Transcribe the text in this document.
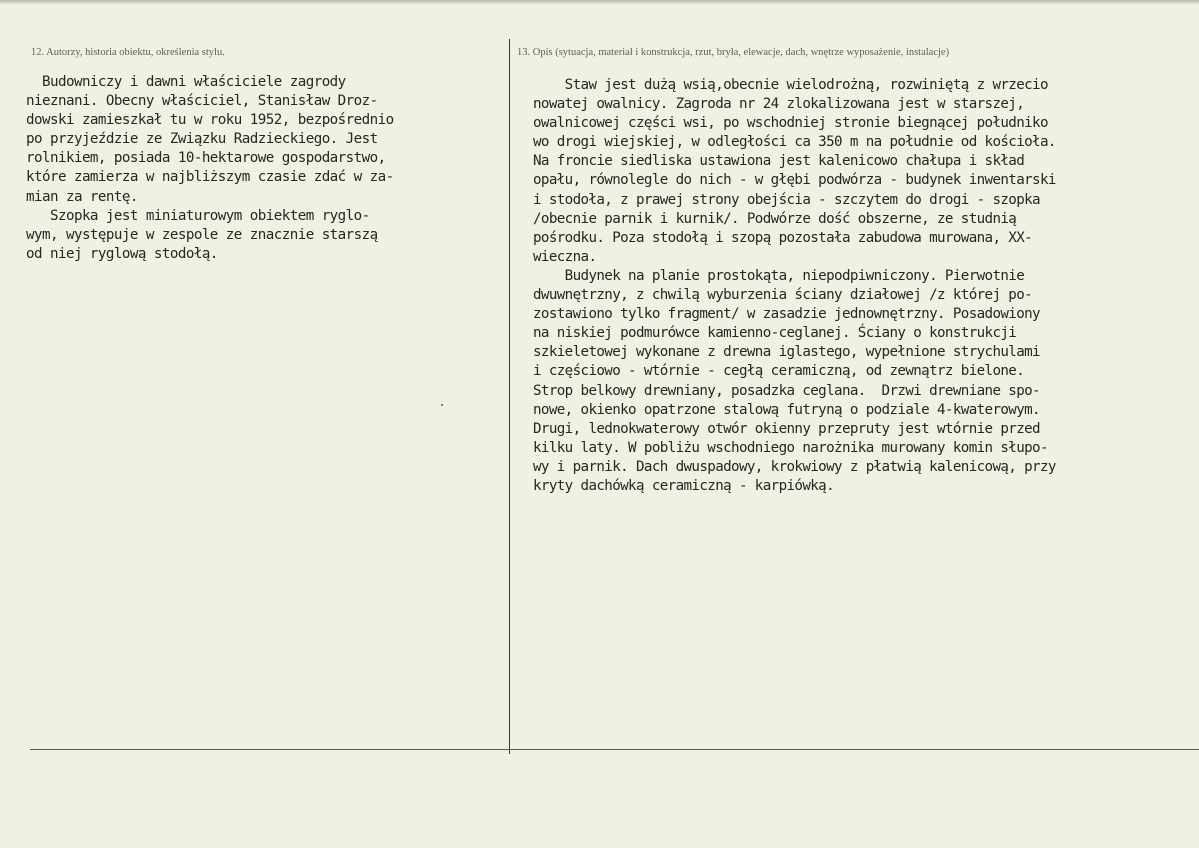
12. Autorzy, historia obiektu, określenia stylu.	13. Opis (sytuacja, materiał i konstrukcja, rzut, bryła, elewacje, dach, wnętrze wyposażenie, instalacje)
Budowniczy i dawni właściciele zagrody
nieznani. Obecny właściciel, Stanisław Droz-
dowski zamieszkał tu w roku 1952, bezpośrednio
po przyjeździe ze Związku Radzieckiego. Jest
rolnikiem, posiada 10-hektarowe gospodarstwo,
które zamierza w najbliższym czasie zdać w za-
mian za rentę.
Szopka jest miniaturowym obiektem ryglo-
wym, występuje w zespole ze znacznie starszą
od niej ryglową stodołą.
Staw jest dużą wsią,obecnie wielodrożną, rozwiniętą z wrzecio
nowatej owalnicy. Zagroda nr 24 zlokalizowana jest w starszej,
owalnicowej części wsi, po wschodniej stronie biegnącej południko
wo drogi wiejskiej, w odległości ca 350 m na południe od kościoła.
Na froncie siedliska ustawiona jest kalenicowo chałupa i skład
opału, równolegle do nich - w głębi podwórza - budynek inwentarski
i stodoła, z prawej strony obejścia - szczytem do drogi - szopka
/obecnie parnik i kurnik/. Podwórze dość obszerne, ze studnią
pośrodku. Poza stodołą i szopą pozostała zabudowa murowana, XX-
wieczna.
Budynek na planie prostokąta, niepodpiwniczony. Pierwotnie
dwuwnętrzny, z chwilą wyburzenia ściany działowej /z której po-
zostawiono tylko fragment/ w zasadzie jednownętrzny. Posadowiony
na niskiej podmurówce kamienno-ceglanej. Ściany o konstrukcji
szkieletowej wykonane z drewna iglastego, wypełnione strychulami
i częściowo - wtórnie - cegłą ceramiczną, od zewnątrz bielone.
Strop belkowy drewniany, posadzka ceglana.  Drzwi drewniane spo-
nowe, okienko opatrzone stalową futryną o podziale 4-kwaterowym.
Drugi, lednokwaterowy otwór okienny przepruty jest wtórnie przed
kilku laty. W pobliżu wschodniego narożnika murowany komin słupo-
wy i parnik. Dach dwuspadowy, krokwiowy z płatwią kalenicową, przy
kryty dachówką ceramiczną - karpiówką.
